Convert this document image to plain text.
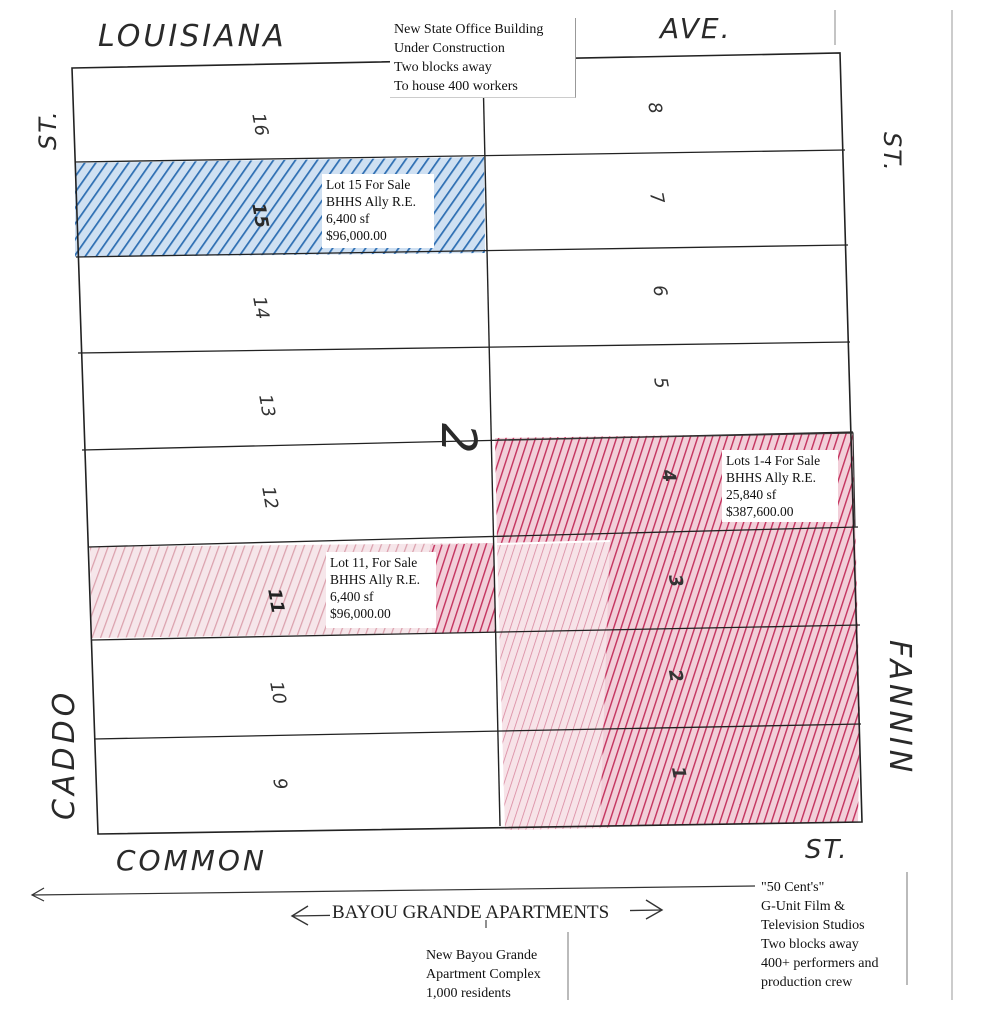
LOUISIANA	AVE.
ST.
ST.
CADDO	FANNIN
COMMON	ST.
2
16
15
14
13
12
11
10
9
8
7
6
5
4
3
2
1
BAYOU GRANDE APARTMENTS
New State Office Building
Under Construction
Two blocks away
To house 400 workers
Lot 15 For Sale
BHHS Ally R.E.
6,400 sf
$96,000.00
Lots 1-4 For Sale
BHHS Ally R.E.
25,840 sf
$387,600.00
Lot 11, For Sale
BHHS Ally R.E.
6,400 sf
$96,000.00
New Bayou Grande
Apartment Complex
1,000 residents
"50 Cent's"
G-Unit Film &
Television Studios
Two blocks away
400+ performers and
production crew
